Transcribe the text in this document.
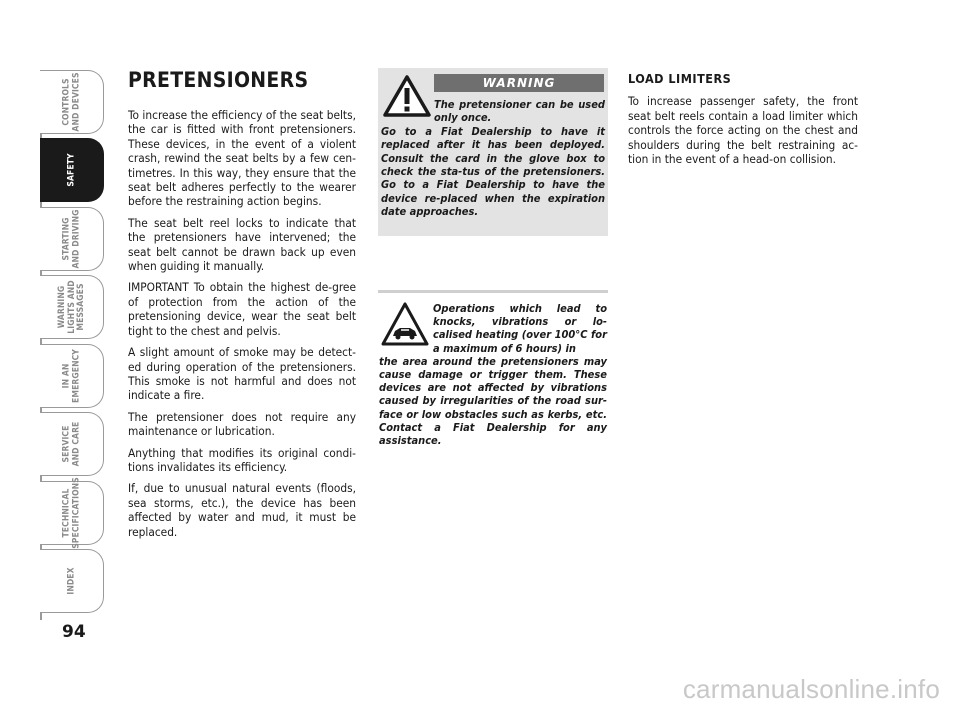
CONTROLS
AND DEVICES
SAFETY
STARTING
AND DRIVING
WARNING
LIGHTS AND
MESSAGES
IN AN
EMERGENCY
SERVICE
AND CARE
TECHNICAL
SPECIFICATIONS
INDEX
94
PRETENSIONERS

To increase the efficiency of the seat belts, the car is fitted with front pretensioners. These devices, in the event of a violent crash, rewind the seat belts by a few cen-timetres. In this way, they ensure that the seat belt adheres perfectly to the wearer before the restraining action begins.

The seat belt reel locks to indicate that the pretensioners have intervened; the seat belt cannot be drawn back up even when guiding it manually.

IMPORTANT To obtain the highest de-gree of protection from the action of the pretensioning device, wear the seat belt tight to the chest and pelvis.

A slight amount of smoke may be detect-ed during operation of the pretensioners. This smoke is not harmful and does not indicate a fire.

The pretensioner does not require any maintenance or lubrication.

Anything that modifies its original condi-tions invalidates its efficiency.

If, due to unusual natural events (floods, sea storms, etc.), the device has been affected by water and mud, it must be replaced.

WARNING
The pretensioner can be used only once.
Go to a Fiat Dealership to have it replaced after it has been deployed. Consult the card in the glove box to check the sta-tus of the pretensioners. Go to a Fiat Dealership to have the device re-placed when the expiration date approaches.
Operations which lead to knocks, vibrations or lo-calised heating (over 100°C for a maximum of 6 hours) in
the area around the pretensioners may cause damage or trigger them. These devices are not affected by vibrations caused by irregularities of the road sur-face or low obstacles such as kerbs, etc. Contact a Fiat Dealership for any assistance.
LOAD LIMITERS

To increase passenger safety, the front seat belt reels contain a load limiter which controls the force acting on the chest and shoulders during the belt restraining ac-tion in the event of a head-on collision.

carmanualsonline.info
